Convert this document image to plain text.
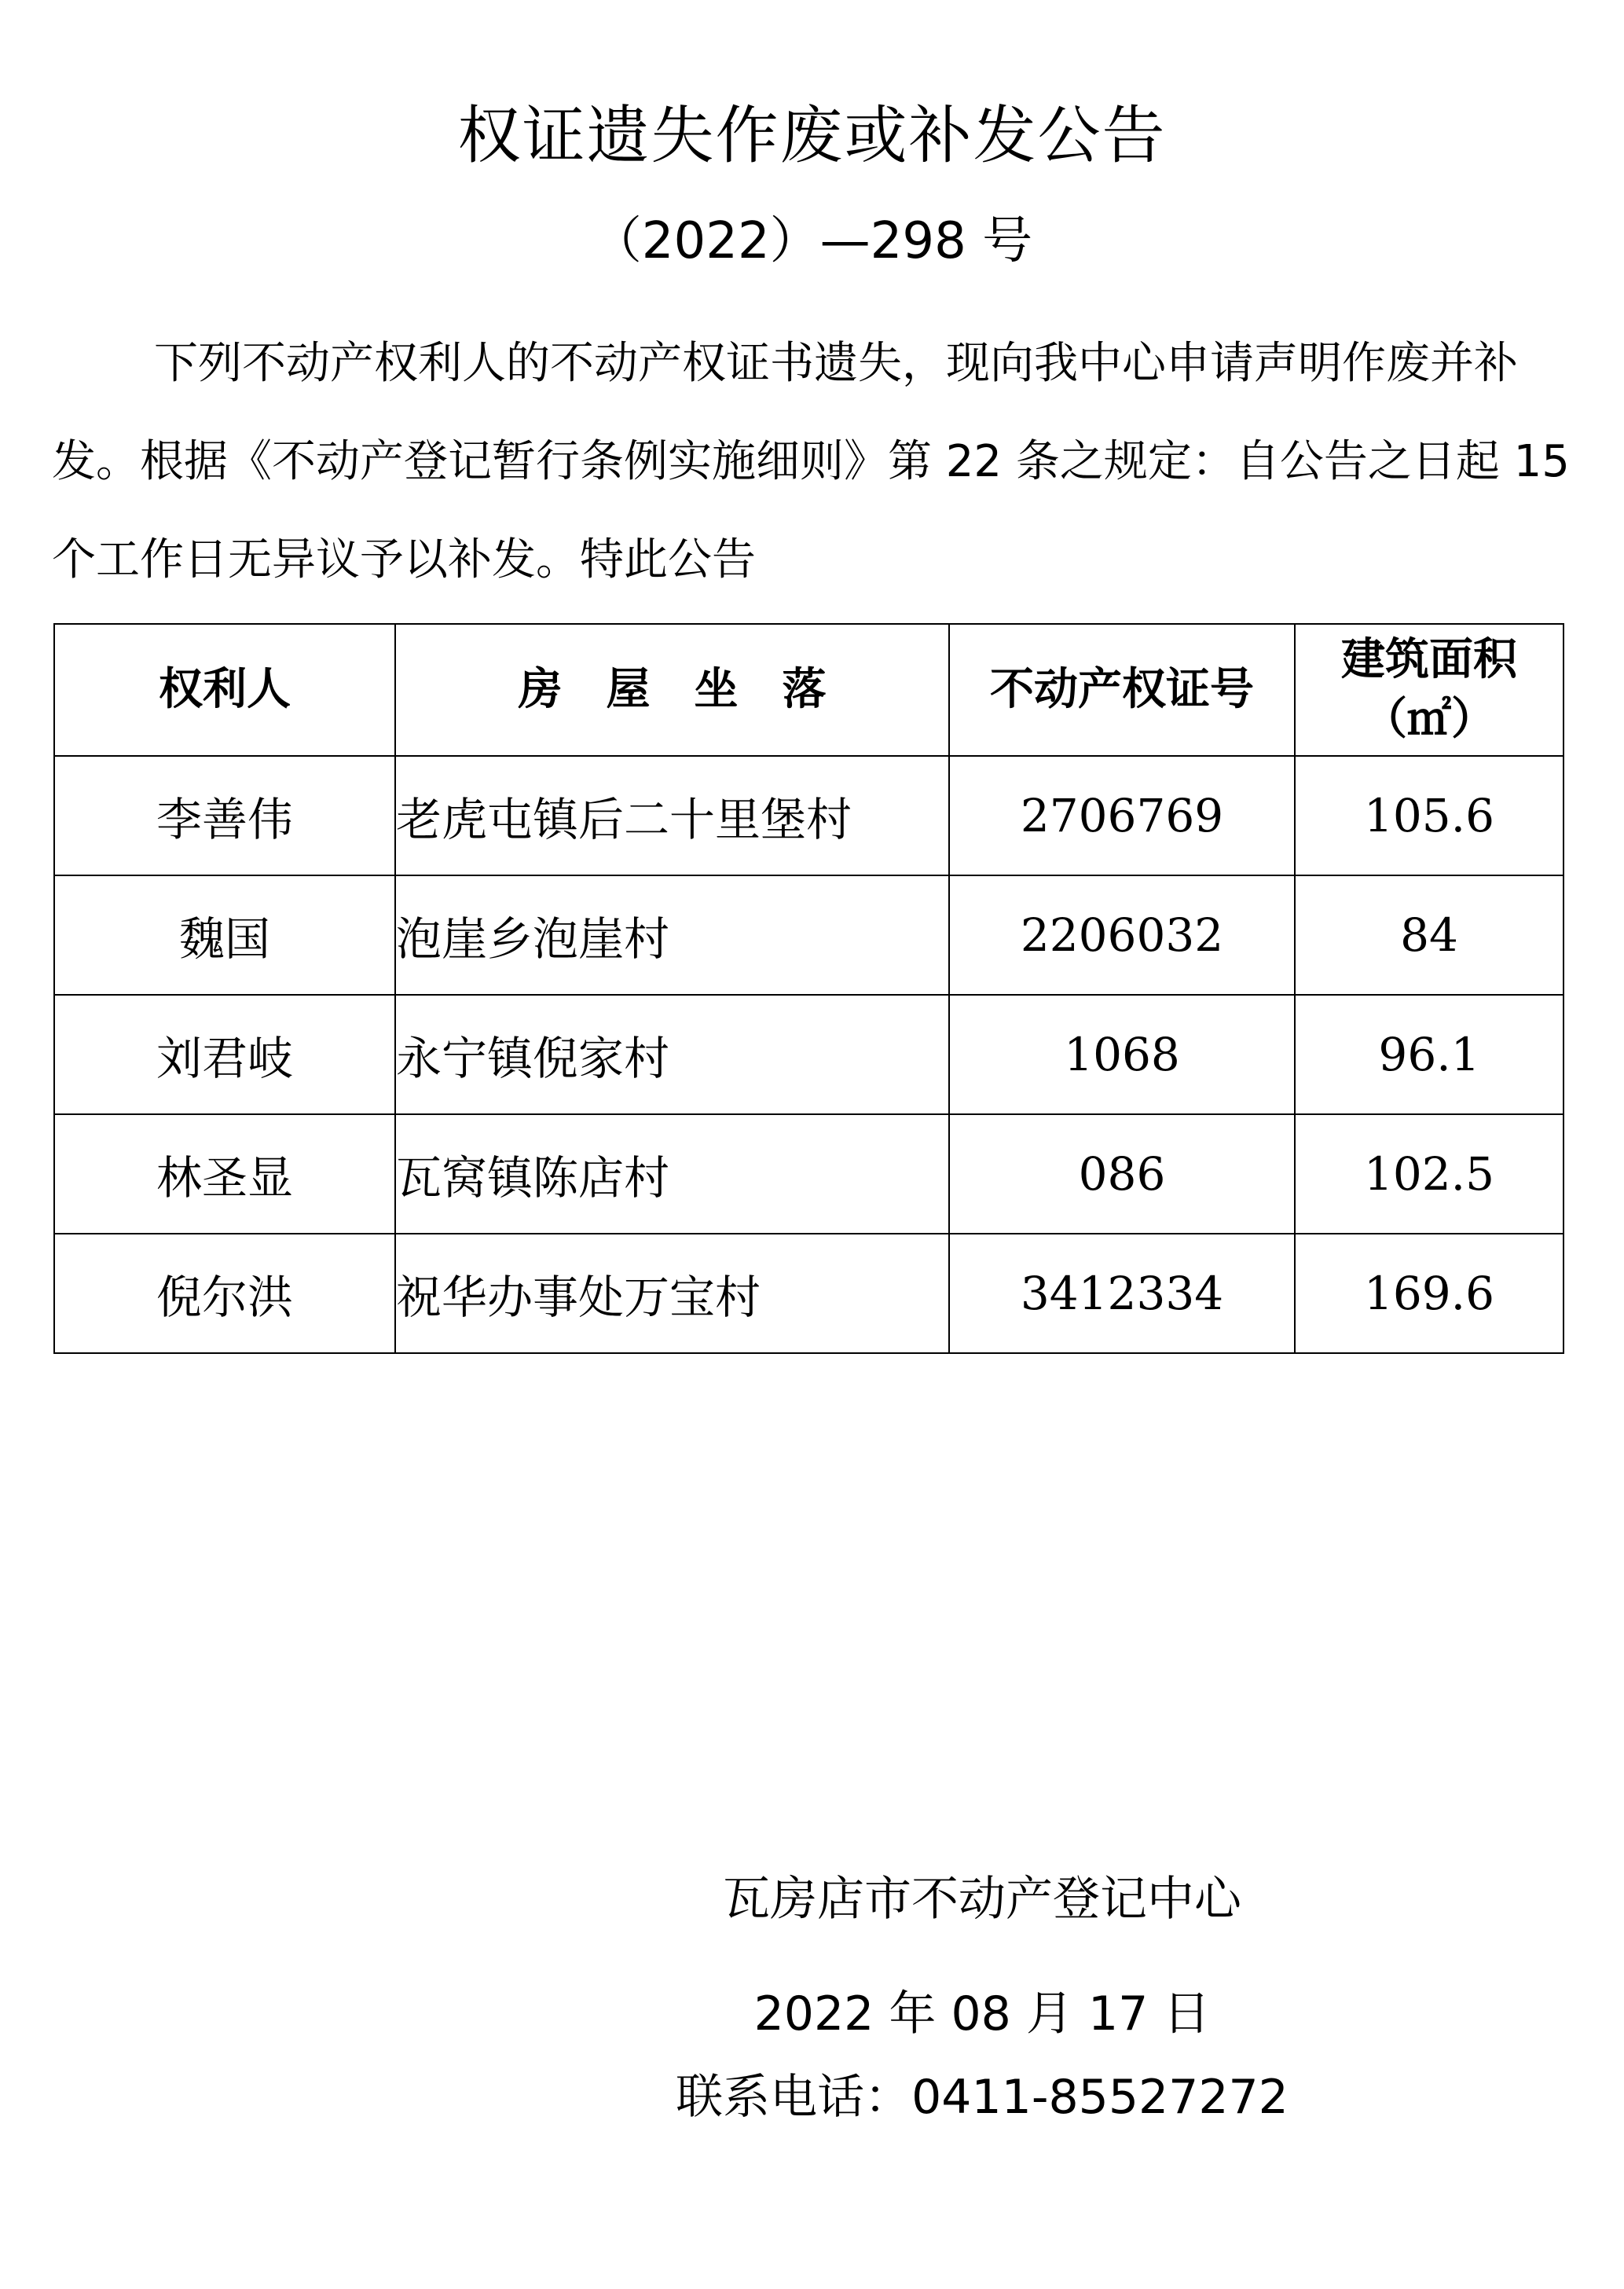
权证遗失作废或补发公告
（2022）—298 号

下列不动产权利人的不动产权证书遗失，现向我中心申请声明作废并补发。根据《不动产登记暂行条例实施细则》第 22 条之规定：自公告之日起 15 个工作日无异议予以补发。特此公告

权利人	房　屋　坐　落	不动产权证号	建筑面积
（㎡）

李善伟	老虎屯镇后二十里堡村	2706769	105.6
魏国	泡崖乡泡崖村	2206032	84
刘君岐	永宁镇倪家村	1068	96.1
林圣显	瓦窝镇陈店村	086	102.5
倪尔洪	祝华办事处万宝村	3412334	169.6
瓦房店市不动产登记中心
2022 年 08 月 17 日
联系电话：0411-85527272
